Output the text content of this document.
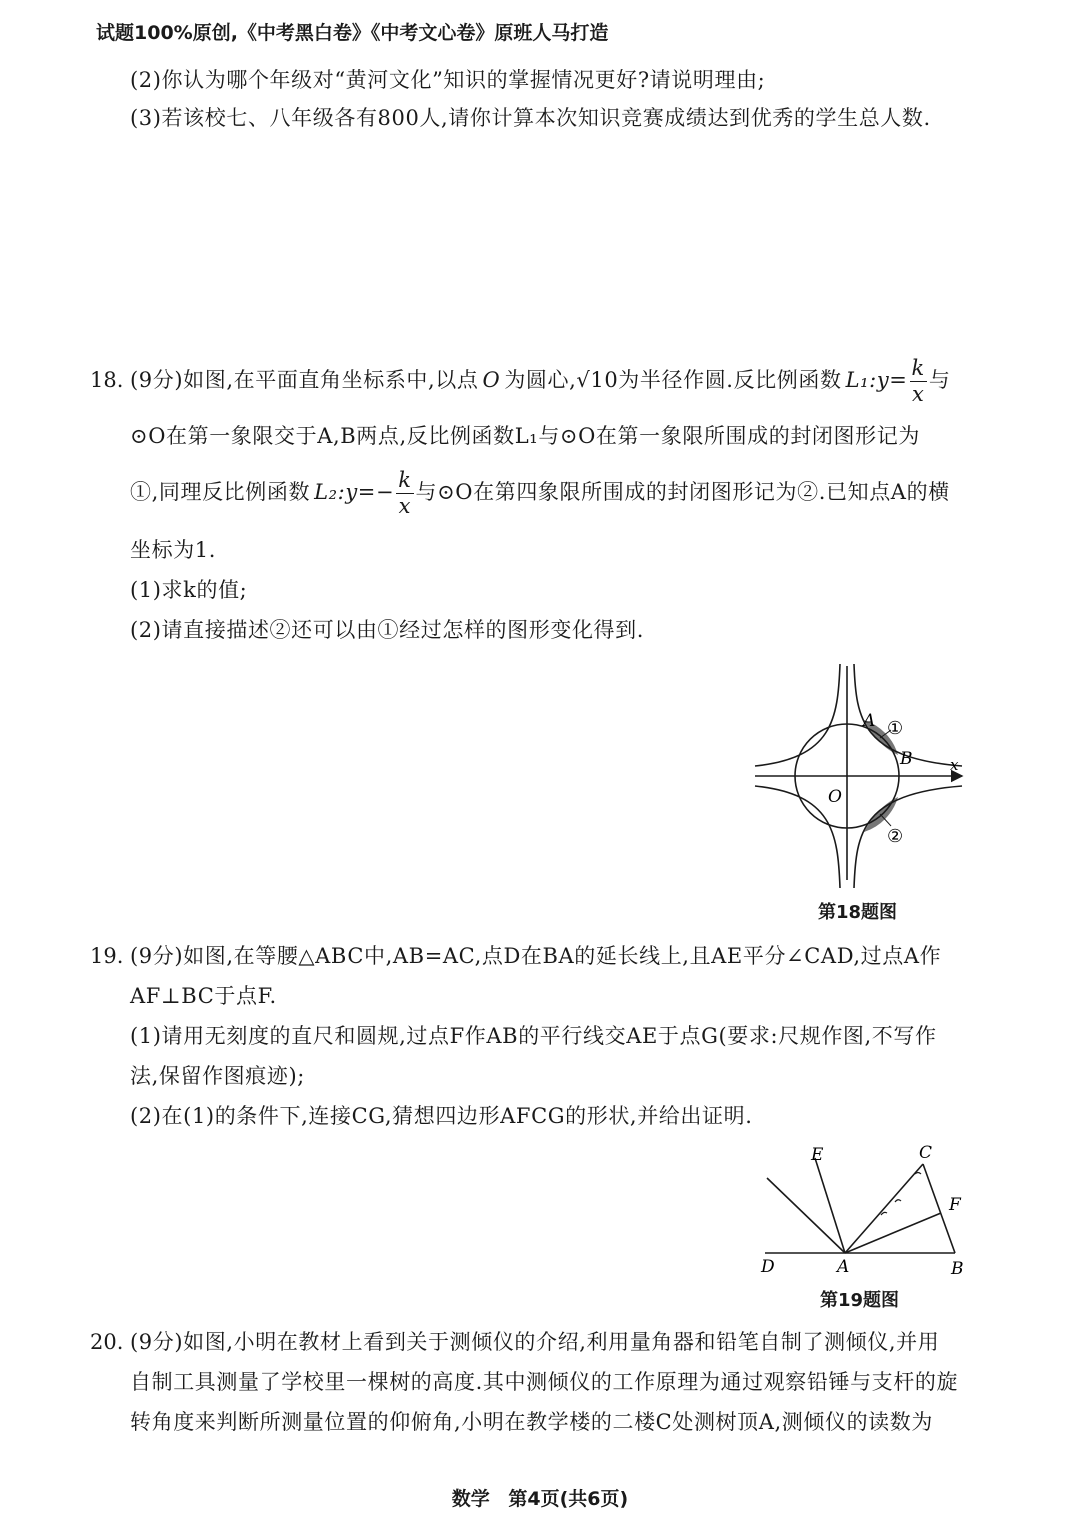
试题100%原创,《中考黑白卷》《中考文心卷》原班人马打造
(2)你认为哪个年级对“黄河文化”知识的掌握情况更好?请说明理由;
(3)若该校七、八年级各有800人,请你计算本次知识竞赛成绩达到优秀的学生总人数.
18. (9分)如图,在平面直角坐标系中,以点 O 为圆心,√10为半径作圆.反比例函数 L₁:y= $\frac{k}{x}$ 与
⊙O在第一象限交于A,B两点,反比例函数L₁与⊙O在第一象限所围成的封闭图形记为
①,同理反比例函数 L₂:y=− $\frac{k}{x}$ 与⊙O在第四象限所围成的封闭图形记为②.已知点A的横
坐标为1.
(1)求k的值;
(2)请直接描述②还可以由①经过怎样的图形变化得到.
A
B
O
x
①
②
第18题图
19. (9分)如图,在等腰△ABC中,AB=AC,点D在BA的延长线上,且AE平分∠CAD,过点A作
AF⊥BC于点F.
(1)请用无刻度的直尺和圆规,过点F作AB的平行线交AE于点G(要求:尺规作图,不写作
法,保留作图痕迹);
(2)在(1)的条件下,连接CG,猜想四边形AFCG的形状,并给出证明.
E	C
F
D	A	B
第19题图
20. (9分)如图,小明在教材上看到关于测倾仪的介绍,利用量角器和铅笔自制了测倾仪,并用
自制工具测量了学校里一棵树的高度.其中测倾仪的工作原理为通过观察铅锤与支杆的旋
转角度来判断所测量位置的仰俯角,小明在教学楼的二楼C处测树顶A,测倾仪的读数为
数学 第4页(共6页)
